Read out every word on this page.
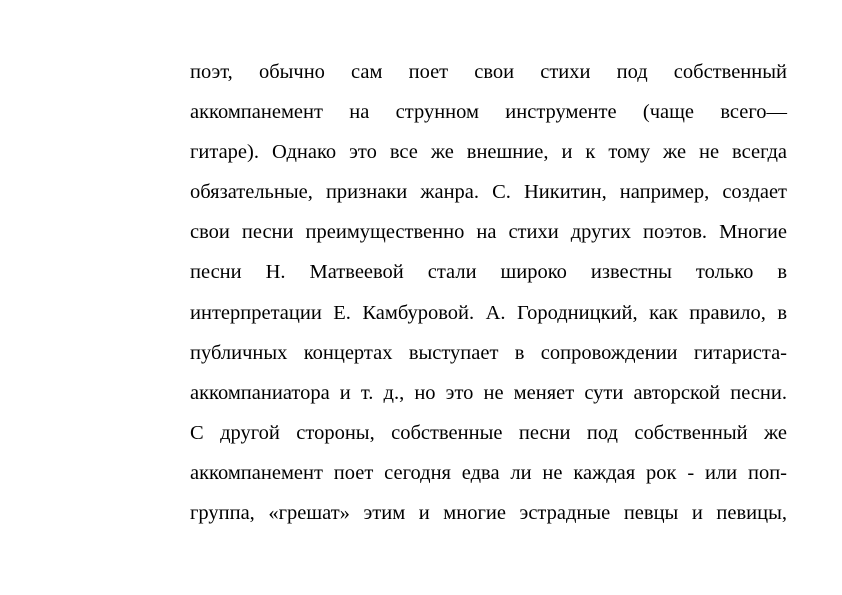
поэт, обычно сам поет свои стихи под собственный
аккомпанемент на струнном инструменте (чаще всего—
гитаре). Однако это все же внешние, и к тому же не всегда
обязательные, признаки жанра. С. Никитин, например, создает
свои песни преимущественно на стихи других поэтов. Многие
песни Н. Матвеевой стали широко известны только в
интерпретации Е. Камбуровой. А. Городницкий, как правило, в
публичных концертах выступает в сопровождении гитариста-
аккомпаниатора и т. д., но это не меняет сути авторской песни.
С другой стороны, собственные песни под собственный же
аккомпанемент поет сегодня едва ли не каждая рок - или поп-
группа, «грешат» этим и многие эстрадные певцы и певицы,
